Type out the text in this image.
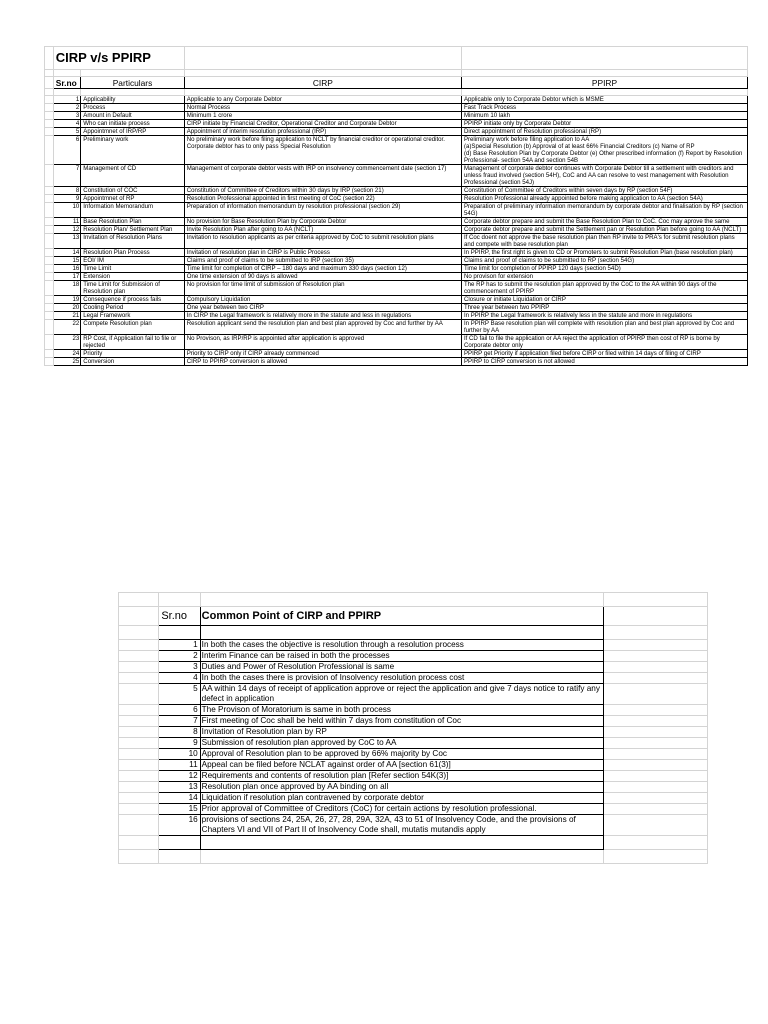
	CIRP v/s PPIRP			

	Sr.no	Particulars	CIRP	PPIRP

	1	Applicability	Applicable to any Corporate Debtor	Applicable only to Corporate Debtor which is MSME
	2	Process	Normal Process	Fast Track Process
	3	Amount in Default	Minimum 1 crore	Minimum 10 lakh
	4	Who can initiate process	CIRP initiate by Financial Creditor, Operational Creditor and Corporate Debtor	PPIRP initiate only by Corporate Debtor
	5	Appointmnet of IRP/RP	Appointment of interim resolution professional (IRP)	Direct appointment of Resolution professional (RP)
	6	Preliminary work	No preliminary work before filing application to NCLT by financial creditor or operational creditor.
Corporate debtor has to only pass Special Resolution	Preliminary work before filing application to AA
(a)Special Resolution (b) Approval of at least 66% Financial Creditors (c) Name of RP
(d) Base Resolution Plan by Corporate Debtor (e) Other prescribed information (f) Report by Resolution Professional- section 54A and section 54B
	7	Management of CD	Management of corporate debtor vests with IRP on insolvency commencement date (section 17)	Management of corporate debtor continues with Corporate Debtor till a settlement with creditors and unless fraud involved (section 54H), CoC and AA can resolve to vest management with Resolution Professional (section 54J)
	8	Constitution of COC	Constitution of Committee of Creditors within 30 days by IRP (section 21)	Constitution of Committee of Creditors within seven days by RP (section 54F)
	9	Appointmnet of RP	Resolution Professional appointed in first meeting of CoC (section 22)	Resolution Professional already appointed before making application to AA (section 54A)
	10	Information Memorandum	Preparation of information memorandum by resolution professional (section 29)	Preparation of preliminary information memorandum by corporate debtor and finalisation by RP (section 54G)
	11	Base Resolution Plan	No provision for Base Resolution Plan by Corporate Debtor	Corporate debtor prepare and submit the Base Resolution Plan to CoC. Coc may aprove the same
	12	Resolution Plan/ Settlement Plan	Invite Resolution Plan after going to AA (NCLT)	Corporate debtor prepare and submit the Settlement pan or Resolution Plan before going to AA (NCLT)
	13	Invitation of Resolution Plans	Invitation to resolution applicants as per criteria approved by CoC to submit resolution plans	If Coc doent not approve the base resolution plan then RP invite to PRA's for submit resolution plans and compete with base resolution plan
	14	Resolution Plan Process	Invitation of resolution plan in CIRP is Public Process	In PPIRP, the first right is given to CD or Promoters to submit Resolution Plan (base resolution plan)
	15	EOI/ IM	Claims and proof of claims to be submitted to IRP (section 35)	Claims and proof of claims to be submitted to RP (section 54G)
	16	Time Limit	Time limit for completion of CIRP – 180 days and maximum 330 days (section 12)	Time limit for completion of PPIRP 120 days (section 54D)
	17	Extension	One time extension of 90 days is allowed	No provison for extension
	18	Time Limit for Submission of Resolution plan	No provision for time limit of submission of Resolution plan	The RP has to submit the resolution plan approved by the CoC to the AA within 90 days of the commencement of PPIRP
	19	Consequence if process fails	Compulsory Liquidation	Closure or initiate Liquidation or CIRP
	20	Cooling Period	One year between two CIRP	Three year between two PPIRP
	21	Legal Framework	In CIRP the Legal framework is relatively more in the statute and less in regulations	In PPIRP the Legal framework is relatively less in the statute and more in regulations
	22	Compete Resolution plan	Resolution applicant send the resolution plan and best plan approved by Coc and further by AA	In PPIRP Base resolution plan will complete with resolution plan and best plan approved by Coc and further by AA
	23	RP Cost, if Application fail to file or rejected	No Provison, as IRP/RP is appointed after application is approved	If CD fail to file the application or AA reject the application of PPIRP then cost of RP is borne by Corporate debtor only
	24	Priority	Priority to CIRP only if CIRP already commenced	PPIRP get Priority if application filed before CIRP or filed within 14 days of filing of CIRP
	25	Conversion	CIRP to PPIRP conversion is allowed	PPIRP to CIRP conversion is not allowed

	Sr.no	Common Point of CIRP and PPIRP	

	1	In both the cases the objective is resolution through a resolution process	
	2	Interim Finance can be raised in both the processes	
	3	Duties and Power of Resolution Professional is same	
	4	In both the cases there is provision of Insolvency resolution process cost	
	5	AA within 14 days of receipt of application approve or reject the application and give 7 days notice to ratify any defect in application	
	6	The Provison of Moratorium is same in both process	
	7	First meeting of Coc shall be held within 7 days from constitution of Coc	
	8	Invitation of Resolution plan by RP	
	9	Submission of resolution plan approved by CoC to AA	
	10	Approval of Resolution plan to be approved by 66% majority by Coc	
	11	Appeal can be filed before NCLAT against order of AA [section 61(3)]	
	12	Requirements and contents of resolution plan [Refer section 54K(3)]	
	13	Resolution plan once approved by AA binding on all	
	14	Liquidation if resolution plan contravened by corporate debtor	
	15	Prior approval of Committee of Creditors (CoC) for certain actions by resolution professional.	
	16	provisions of sections 24, 25A, 26, 27, 28, 29A, 32A, 43 to 51 of Insolvency Code, and the provisions of Chapters VI and VII of Part II of Insolvency Code shall, mutatis mutandis apply	
